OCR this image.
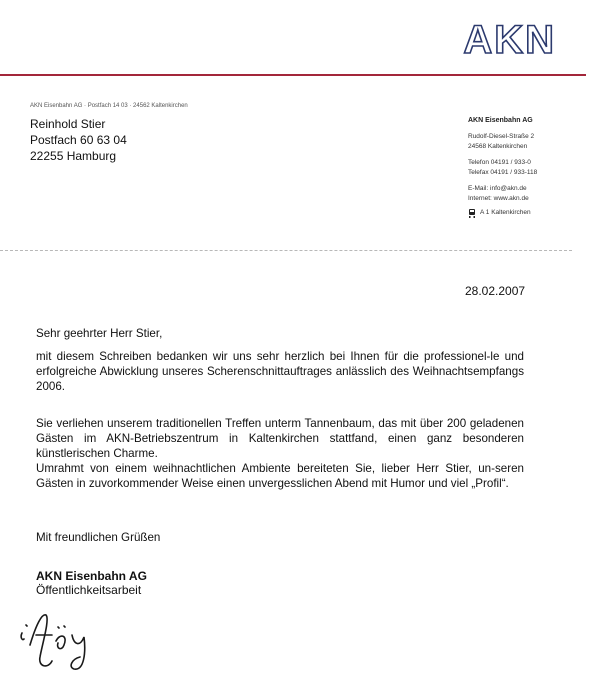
AKN
AKN Eisenbahn AG · Postfach 14 03 · 24562 Kaltenkirchen
Reinhold Stier
Postfach 60 63 04
22255 Hamburg
AKN Eisenbahn AG
Rudolf-Diesel-Straße 2
24568 Kaltenkirchen
Telefon 04191 / 933-0
Telefax 04191 / 933-118
E-Mail: info@akn.de
Internet: www.akn.de
A 1 Kaltenkirchen
28.02.2007
Sehr geehrter Herr Stier,
mit diesem Schreiben bedanken wir uns sehr herzlich bei Ihnen für die professionel-le und erfolgreiche Abwicklung unseres Scherenschnittauftrages anlässlich des Weihnachtsempfangs 2006.
Sie verliehen unserem traditionellen Treffen unterm Tannenbaum, das mit über 200 geladenen Gästen im AKN-Betriebszentrum in Kaltenkirchen stattfand, einen ganz besonderen künstlerischen Charme.
Umrahmt von einem weihnachtlichen Ambiente bereiteten Sie, lieber Herr Stier, un-seren Gästen in zuvorkommender Weise einen unvergesslichen Abend mit Humor und viel „Profil“.
Mit freundlichen Grüßen
AKN Eisenbahn AG
Öffentlichkeitsarbeit
